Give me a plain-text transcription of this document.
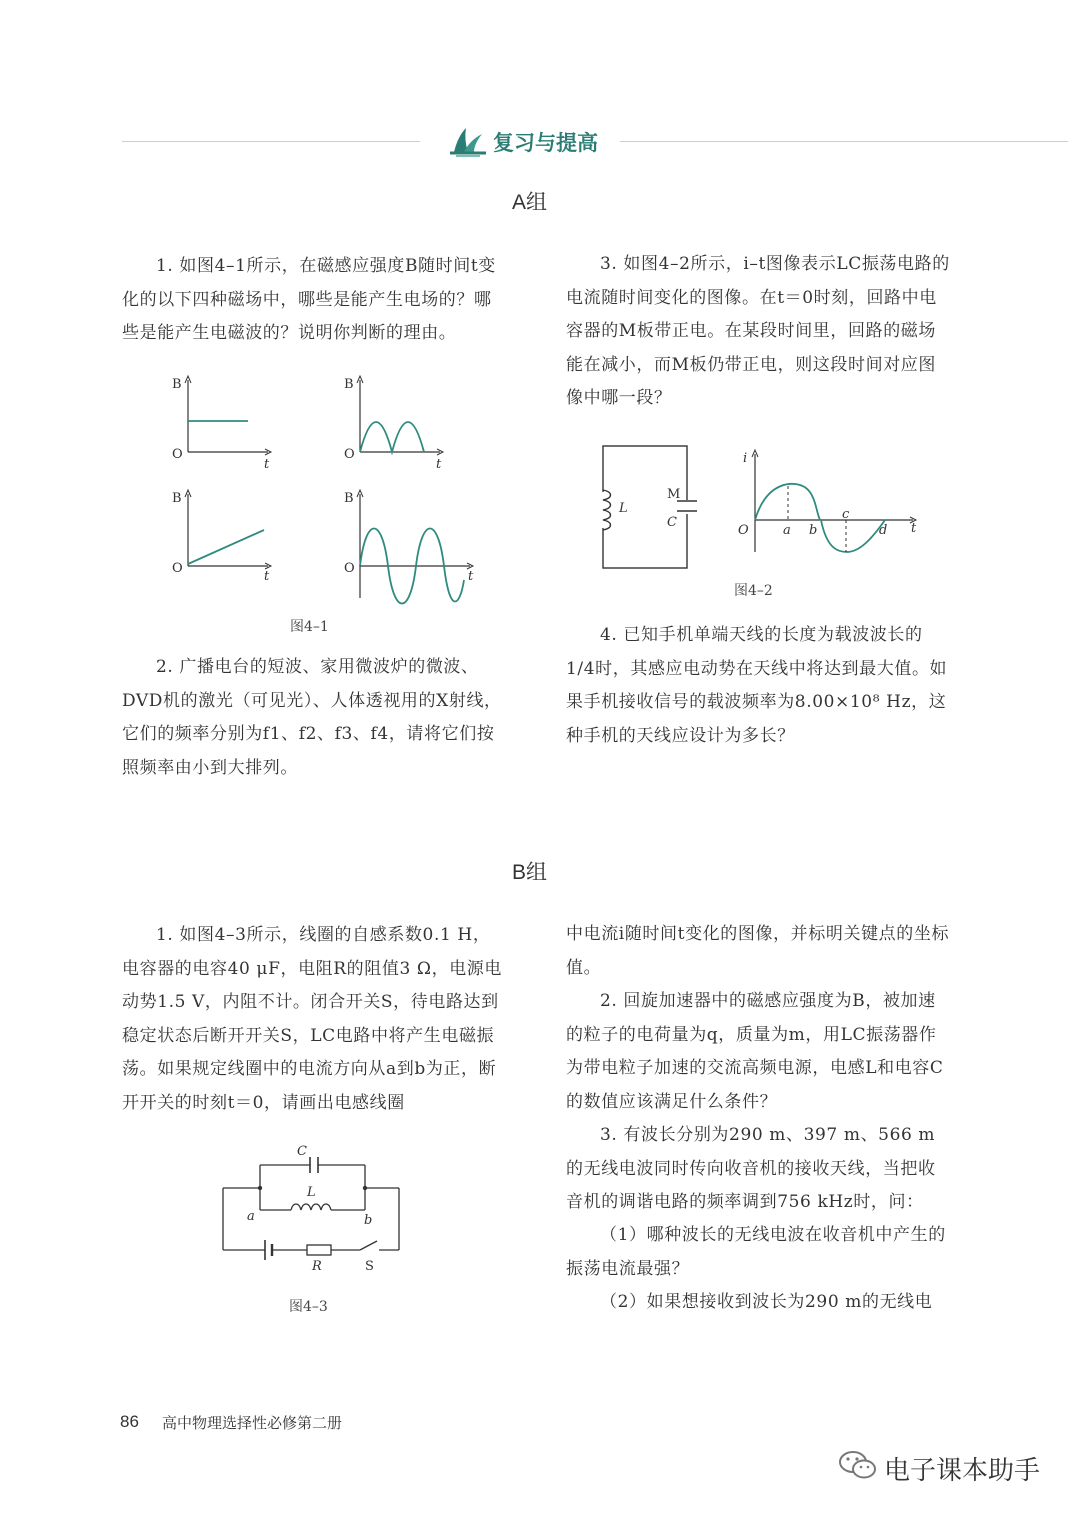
复习与提高
A组
1. 如图4–1所示，在磁感应强度B随时间t变化的以下四种磁场中，哪些是能产生电场的？哪些是能产生电磁波的？说明你判断的理由。
B
O
t
B
O
t
B
O
t
B
O
t
图4–1
2. 广播电台的短波、家用微波炉的微波、DVD机的激光（可见光）、人体透视用的X射线，它们的频率分别为f1、f2、f3、f4，请将它们按照频率由小到大排列。
3. 如图4–2所示，i–t图像表示LC振荡电路的电流随时间变化的图像。在t＝0时刻，回路中电容器的M板带正电。在某段时间里，回路的磁场能在减小，而M板仍带正电，则这段时间对应图像中哪一段？
L
M
C
i
t
O	a b
c
d
图4–2
4. 已知手机单端天线的长度为载波波长的1/4时，其感应电动势在天线中将达到最大值。如果手机接收信号的载波频率为8.00×10⁸ Hz，这种手机的天线应设计为多长？
B组
1. 如图4–3所示，线圈的自感系数0.1 H，电容器的电容40 μF，电阻R的阻值3 Ω，电源电动势1.5 V，内阻不计。闭合开关S，待电路达到稳定状态后断开开关S，LC电路中将产生电磁振荡。如果规定线圈中的电流方向从a到b为正，断开开关的时刻t＝0，请画出电感线圈
C
L
a	b
R	S
图4–3
中电流i随时间t变化的图像，并标明关键点的坐标值。
2. 回旋加速器中的磁感应强度为B，被加速的粒子的电荷量为q，质量为m，用LC振荡器作为带电粒子加速的交流高频电源，电感L和电容C的数值应该满足什么条件？
3. 有波长分别为290 m、397 m、566 m的无线电波同时传向收音机的接收天线，当把收音机的调谐电路的频率调到756 kHz时，问：
（1）哪种波长的无线电波在收音机中产生的振荡电流最强？
（2）如果想接收到波长为290 m的无线电
86 高中物理选择性必修第二册
电子课本助手
